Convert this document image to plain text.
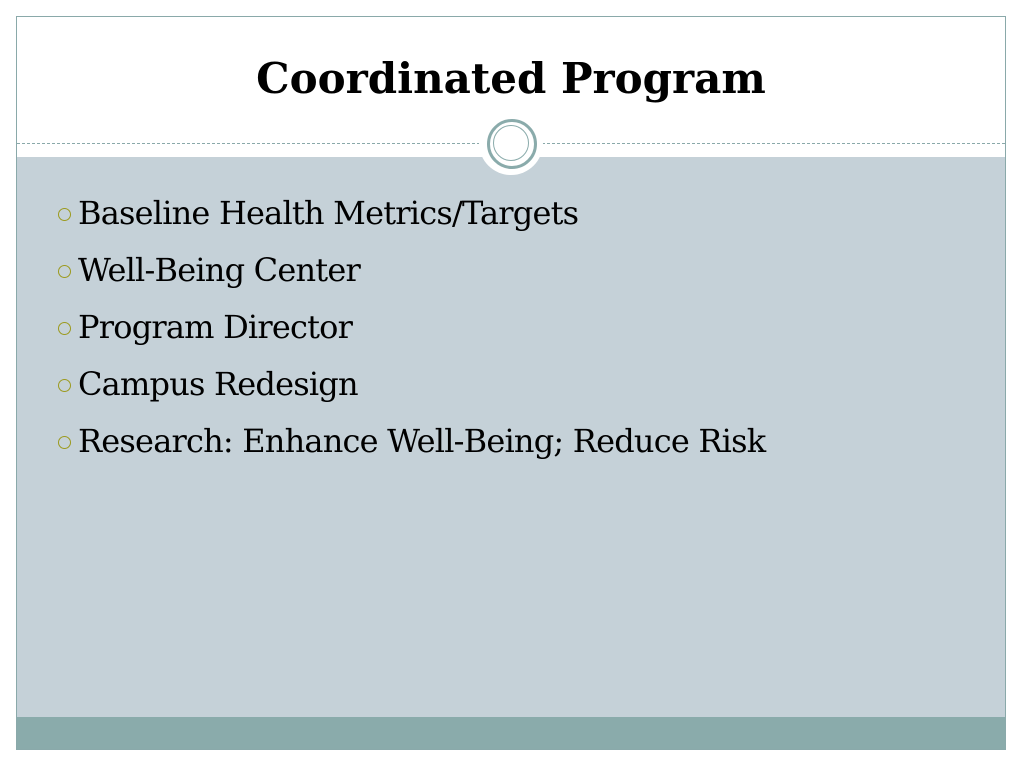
Coordinated Program
Baseline Health Metrics/Targets
Well-Being Center
Program Director
Campus Redesign
Research: Enhance Well-Being; Reduce Risk
